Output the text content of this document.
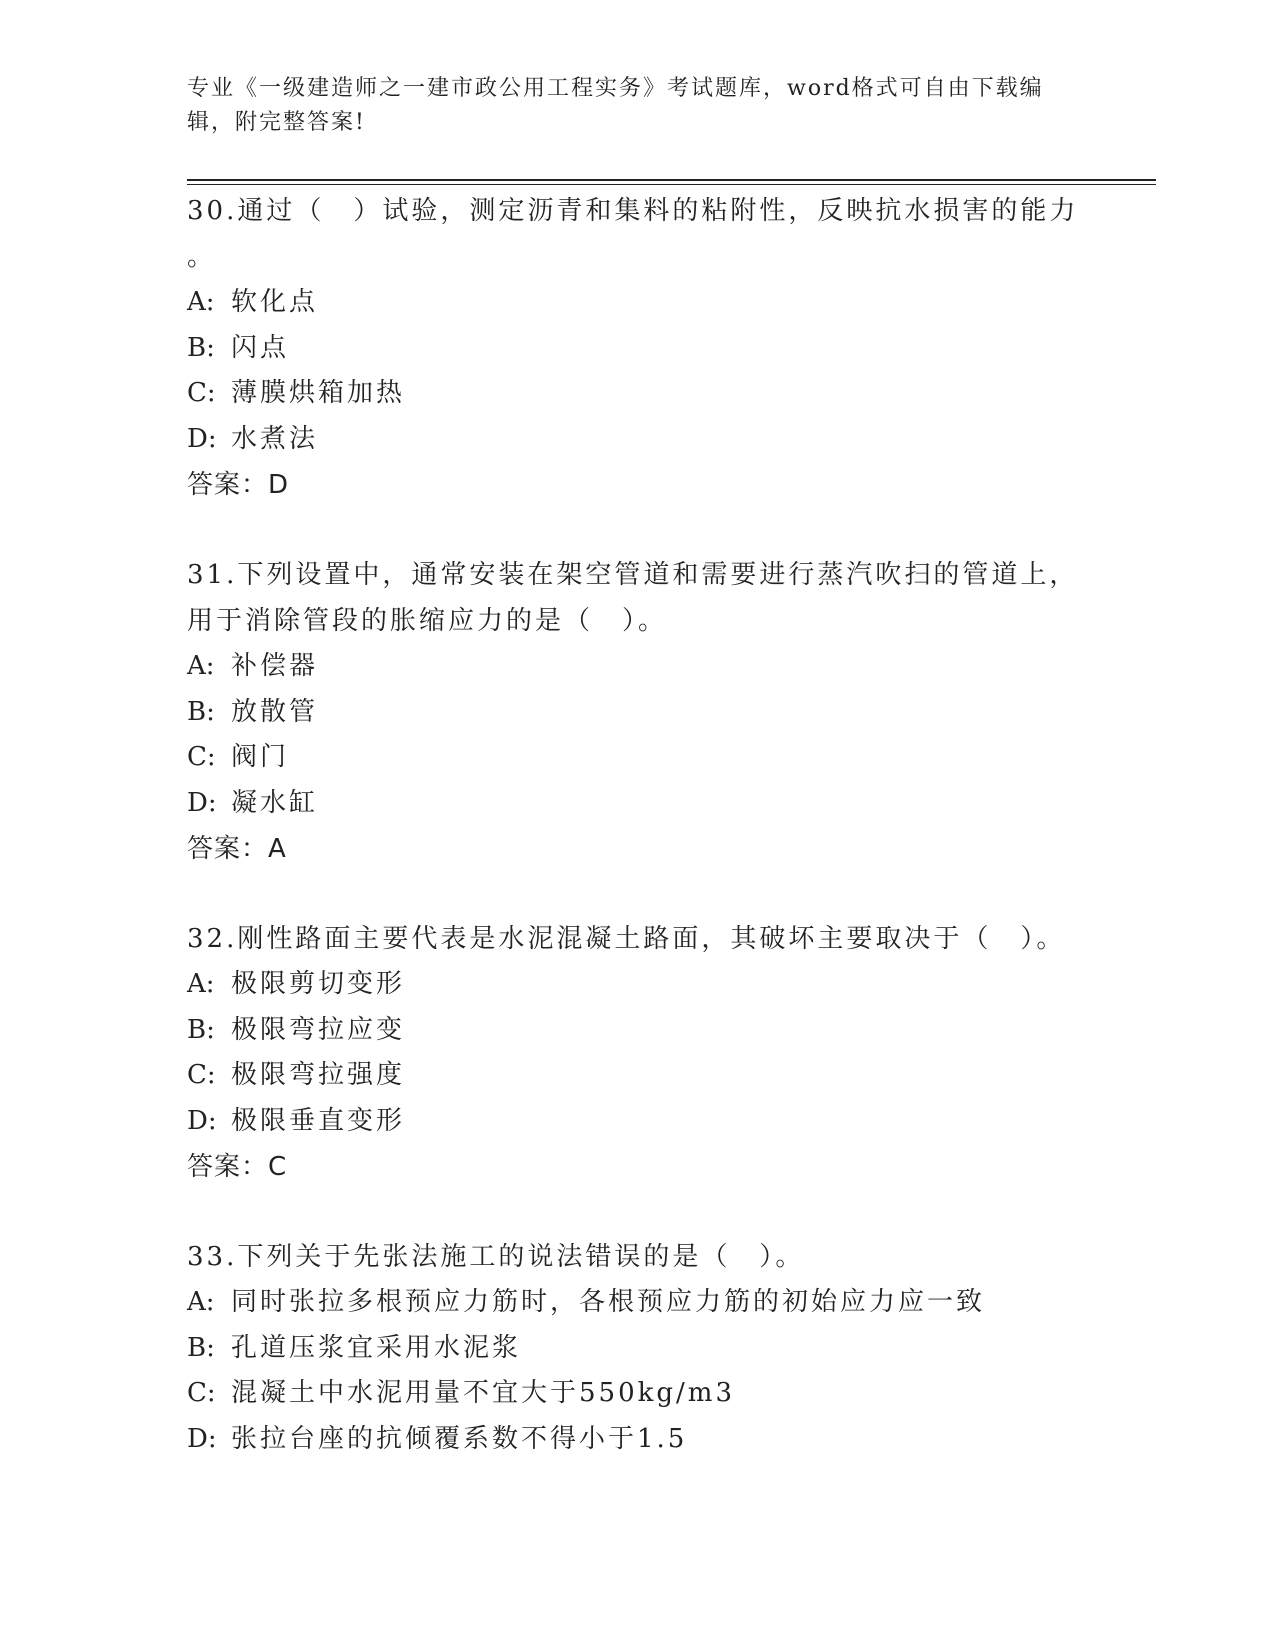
专业《一级建造师之一建市政公用工程实务》考试题库，word格式可自由下载编
辑，附完整答案!

30.通过（　）试验，测定沥青和集料的粘附性，反映抗水损害的能力

。

A: 软化点

B: 闪点

C: 薄膜烘箱加热

D: 水煮法

答案：D

31.下列设置中，通常安装在架空管道和需要进行蒸汽吹扫的管道上，

用于消除管段的胀缩应力的是（　）。

A: 补偿器

B: 放散管

C: 阀门

D: 凝水缸

答案：A

32.刚性路面主要代表是水泥混凝土路面，其破坏主要取决于（　）。

A: 极限剪切变形

B: 极限弯拉应变

C: 极限弯拉强度

D: 极限垂直变形

答案：C

33.下列关于先张法施工的说法错误的是（　）。

A: 同时张拉多根预应力筋时，各根预应力筋的初始应力应一致

B: 孔道压浆宜采用水泥浆

C: 混凝土中水泥用量不宜大于550kg/m3

D: 张拉台座的抗倾覆系数不得小于1.5
